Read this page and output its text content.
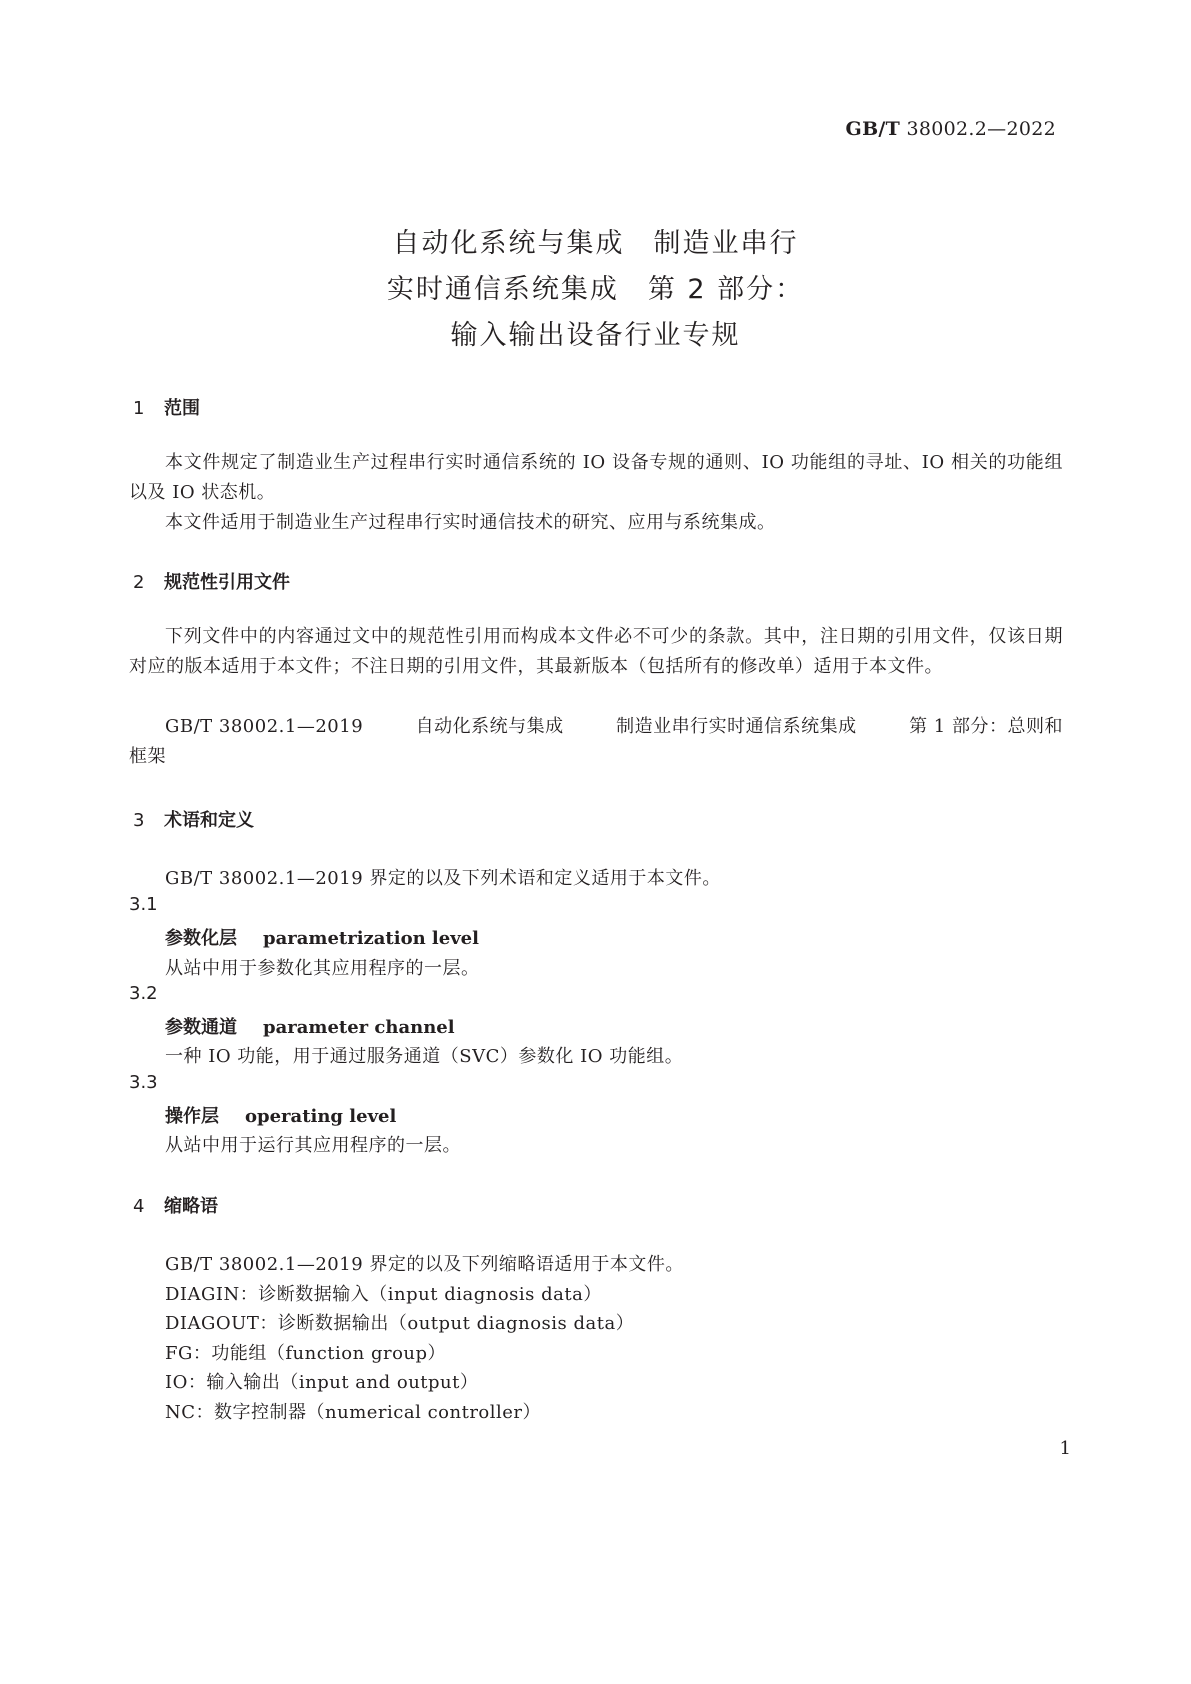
GB/T 38002.2—2022
自动化系统与集成　制造业串行
实时通信系统集成　第 2 部分：
输入输出设备行业专规
1 范围
本文件规定了制造业生产过程串行实时通信系统的 IO 设备专规的通则、IO 功能组的寻址、IO 相关的功能组以及 IO 状态机。
本文件适用于制造业生产过程串行实时通信技术的研究、应用与系统集成。
2 规范性引用文件
下列文件中的内容通过文中的规范性引用而构成本文件必不可少的条款。其中，注日期的引用文件，仅该日期对应的版本适用于本文件；不注日期的引用文件，其最新版本（包括所有的修改单）适用于本文件。
GB/T 38002.1—2019	自动化系统与集成	制造业串行实时通信系统集成	第 1 部分：总则和
框架
3 术语和定义
GB/T 38002.1—2019 界定的以及下列术语和定义适用于本文件。
3.1
参数化层 parametrization level
从站中用于参数化其应用程序的一层。
3.2
参数通道 parameter channel
一种 IO 功能，用于通过服务通道（SVC）参数化 IO 功能组。
3.3
操作层 operating level
从站中用于运行其应用程序的一层。
4 缩略语
GB/T 38002.1—2019 界定的以及下列缩略语适用于本文件。
DIAGIN：诊断数据输入（input diagnosis data）
DIAGOUT：诊断数据输出（output diagnosis data）
FG：功能组（function group）
IO：输入输出（input and output）
NC：数字控制器（numerical controller）
1
